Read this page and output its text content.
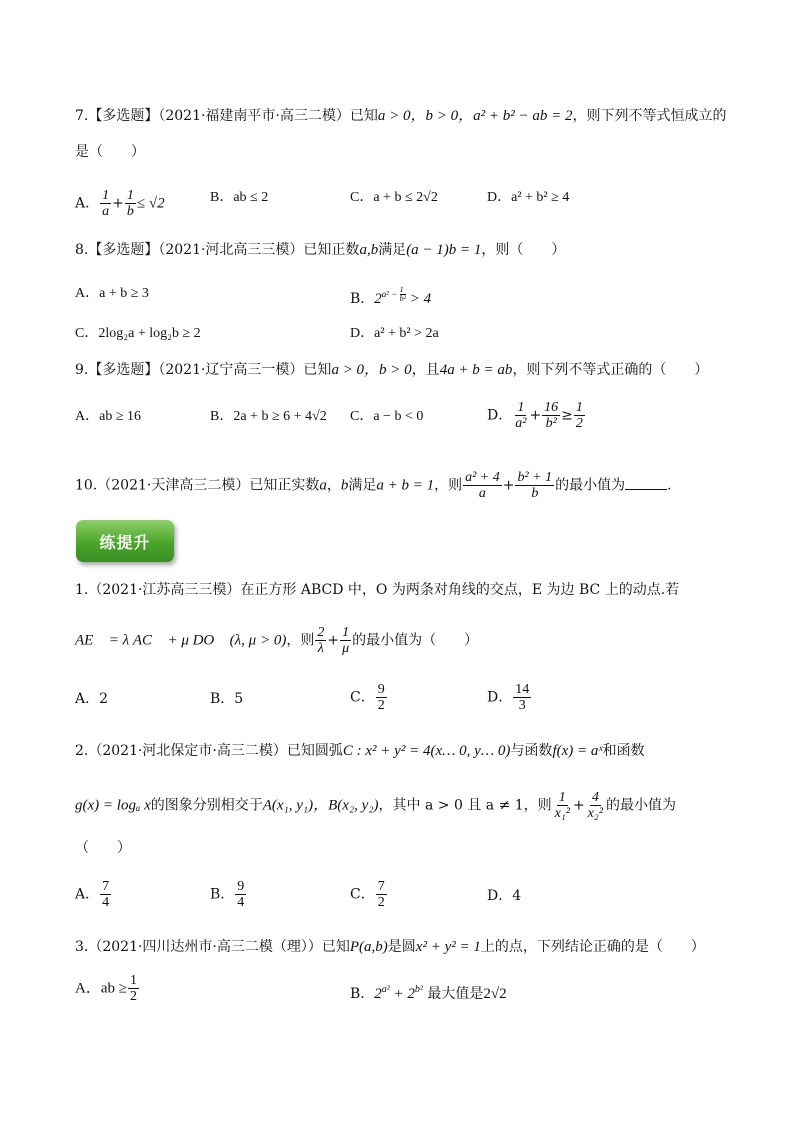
7.【多选题】（2021·福建南平市·高三二模）已知a > 0，b > 0，a² + b² − ab = 2，则下列不等式恒成立的
是（　　）
A． $\frac{1}{a} + \frac{1}{b} \le √2$	B．ab ≤ 2	C．a + b ≤ 2√2	D．a² + b² ≥ 4
8.【多选题】（2021·河北高三三模）已知正数a,b满足(a − 1)b = 1，则（　　）
A．a + b ≥ 3	B．$2^{a^2 - \frac{1}{\text{b²}}} > 4$
C．2log₂a + log₂b ≥ 2	D．a² + b² > 2a
9.【多选题】（2021·辽宁高三一模）已知a > 0，b > 0，且4a + b = ab，则下列不等式正确的（　　）
A．ab ≥ 16	B．2a + b ≥ 6 + 4√2 C．a − b < 0	D． $\frac{1}{\text{a²}} + \frac{16}{\text{b²}} \ge \frac{1}{2}$
10.（2021·天津高三二模）已知正实数a，b满足a + b = 1，则 $\frac{\text{a² + 4}}{a} + \frac{\text{b² + 1}}{b}$ 的最小值为	.
练提升
1.（2021·江苏高三三模）在正方形 ABCD 中，O 为两条对角线的交点，E 为边 BC 上的动点.若
AE⃗ = λ AC⃗ + μ DO⃗ (λ, μ > 0)，则 $\frac{2}{\lambda} + \frac{1}{\mu}$ 的最小值为（　　）
A．2	B．5	C． $\frac{9}{2}$	D． $\frac{14}{3}$
2.（2021·河北保定市·高三二模）已知圆弧C : x² + y² = 4(x… 0, y… 0)与函数f(x) = aˣ和函数
g(x) = logₐ x的图象分别相交于A(x₁, y₁)，B(x₂, y₂)，其中 a > 0 且 a ≠ 1，则 $\frac{1}{\text{x₁²}} + \frac{4}{\text{x₂²}}$ 的最小值为
（　　）
A． $\frac{7}{4}$	B． $\frac{9}{4}$	C． $\frac{7}{2}$	D．4
3.（2021·四川达州市·高三二模（理））已知P(a,b)是圆x² + y² = 1上的点，下列结论正确的是（　　）
A．ab ≥ $\frac{1}{2}$	B．$2^{a^2} + 2^{b^2}$ 最大值是2√2
